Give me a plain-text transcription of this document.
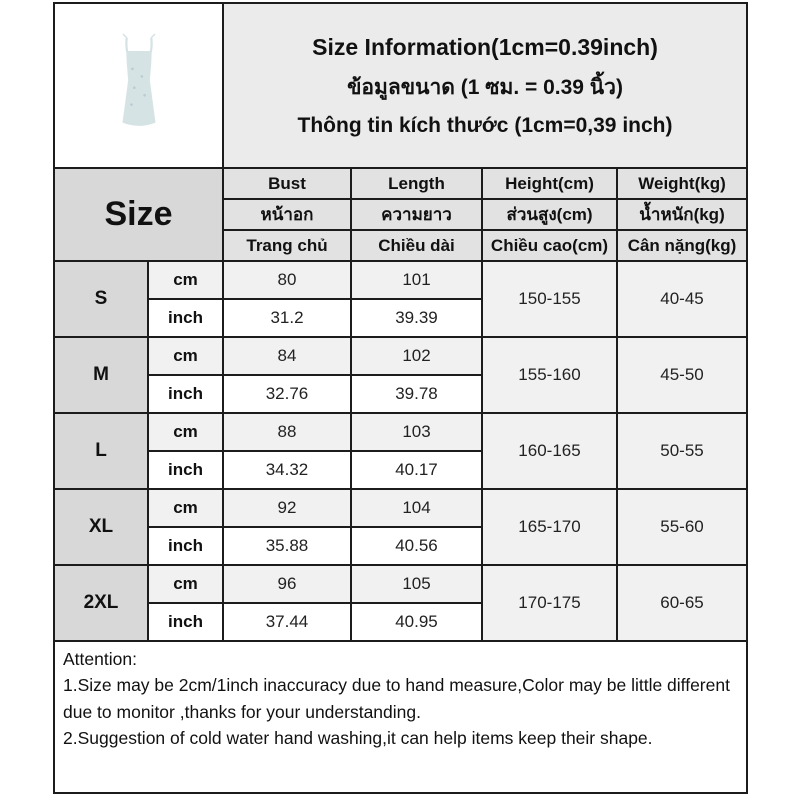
Size Information(1cm=0.39inch)
ข้อมูลขนาด (1 ซม. = 0.39 นิ้ว)
Thông tin kích thước (1cm=0,39 inch)			

Size		Bust	Length	Height(cm)	Weight(kg)
		หน้าอก	ความยาว	ส่วนสูง(cm)	น้ำหนัก(kg)
		Trang chủ	Chiều dài	Chiều cao(cm)	Cân nặng(kg)
S	cm	80	101	150-155	40-45
	inch	31.2	39.39		
M	cm	84	102	155-160	45-50
	inch	32.76	39.78		
L	cm	88	103	160-165	50-55
	inch	34.32	40.17		
XL	cm	92	104	165-170	55-60
	inch	35.88	40.56		
2XL	cm	96	105	170-175	60-65
	inch	37.44	40.95		

Attention:
1.Size may be 2cm/1inch inaccuracy due to hand measure,Color may be little different due to monitor ,thanks for your understanding.
2.Suggestion of cold water hand washing,it can help items keep their shape.					
